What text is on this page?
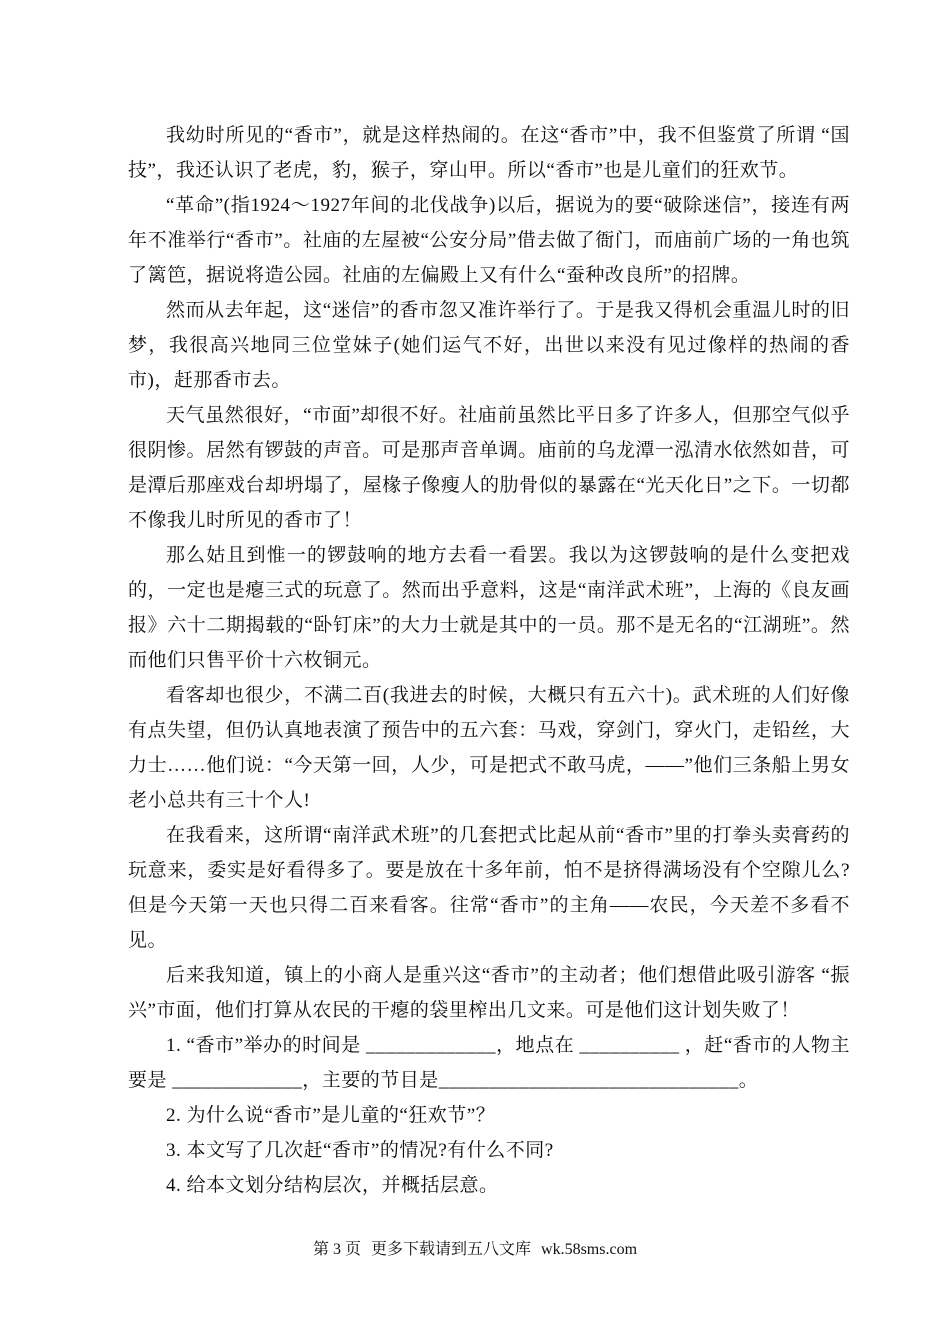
我幼时所见的“香市”，就是这样热闹的。在这“香市”中，我不但鉴赏了所谓 “国技”，我还认识了老虎，豹，猴子，穿山甲。所以“香市”也是儿童们的狂欢节。

“革命”(指1924～1927年间的北伐战争)以后，据说为的要“破除迷信”，接连有两年不准举行“香市”。社庙的左屋被“公安分局”借去做了衙门，而庙前广场的一角也筑了篱笆，据说将造公园。社庙的左偏殿上又有什么“蚕种改良所”的招牌。

然而从去年起，这“迷信”的香市忽又准许举行了。于是我又得机会重温儿时的旧梦，我很高兴地同三位堂妹子(她们运气不好，出世以来没有见过像样的热闹的香市)，赶那香市去。

天气虽然很好，“市面”却很不好。社庙前虽然比平日多了许多人，但那空气似乎很阴惨。居然有锣鼓的声音。可是那声音单调。庙前的乌龙潭一泓清水依然如昔，可是潭后那座戏台却坍塌了，屋椽子像瘦人的肋骨似的暴露在“光天化日”之下。一切都不像我儿时所见的香市了！

那么姑且到惟一的锣鼓响的地方去看一看罢。我以为这锣鼓响的是什么变把戏的，一定也是瘪三式的玩意了。然而出乎意料，这是“南洋武术班”，上海的《良友画报》六十二期揭载的“卧钉床”的大力士就是其中的一员。那不是无名的“江湖班”。然而他们只售平价十六枚铜元。

看客却也很少，不满二百(我进去的时候，大概只有五六十)。武术班的人们好像有点失望，但仍认真地表演了预告中的五六套：马戏，穿剑门，穿火门，走铅丝，大力士……他们说：“今天第一回，人少，可是把式不敢马虎，——”他们三条船上男女老小总共有三十个人!

在我看来，这所谓“南洋武术班”的几套把式比起从前“香市”里的打拳头卖膏药的玩意来，委实是好看得多了。要是放在十多年前，怕不是挤得满场没有个空隙儿么?但是今天第一天也只得二百来看客。往常“香市”的主角——农民，今天差不多看不见。

后来我知道，镇上的小商人是重兴这“香市”的主动者；他们想借此吸引游客 “振兴”市面，他们打算从农民的干瘪的袋里榨出几文来。可是他们这计划失败了！

1. “香市”举办的时间是 _____________，地点在 __________ ，赶“香市的人物主要是 _____________，主要的节目是______________________________。

2. 为什么说“香市”是儿童的“狂欢节”？

3. 本文写了几次赶“香市”的情况?有什么不同?

4. 给本文划分结构层次，并概括层意。

第 3 页 更多下载请到五八文库 wk.58sms.com
